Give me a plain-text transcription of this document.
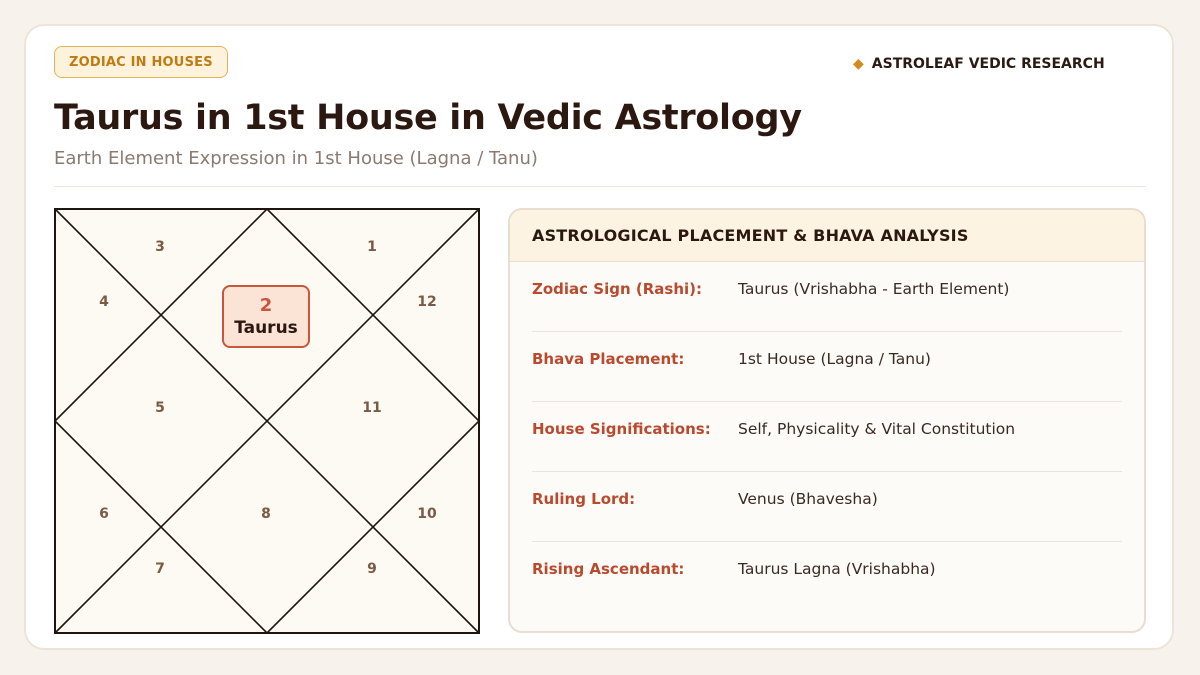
ZODIAC IN HOUSES	◆ ASTROLEAF VEDIC RESEARCH
Taurus in 1st House in Vedic Astrology
Earth Element Expression in 1st House (Lagna / Tanu)
3	1
4	12
5	11
6	8	10
7	9
2
Taurus
ASTROLOGICAL PLACEMENT & BHAVA ANALYSIS
Zodiac Sign (Rashi):	Taurus (Vrishabha - Earth Element)
Bhava Placement:	1st House (Lagna / Tanu)
House Significations:	Self, Physicality & Vital Constitution
Ruling Lord:	Venus (Bhavesha)
Rising Ascendant:	Taurus Lagna (Vrishabha)
